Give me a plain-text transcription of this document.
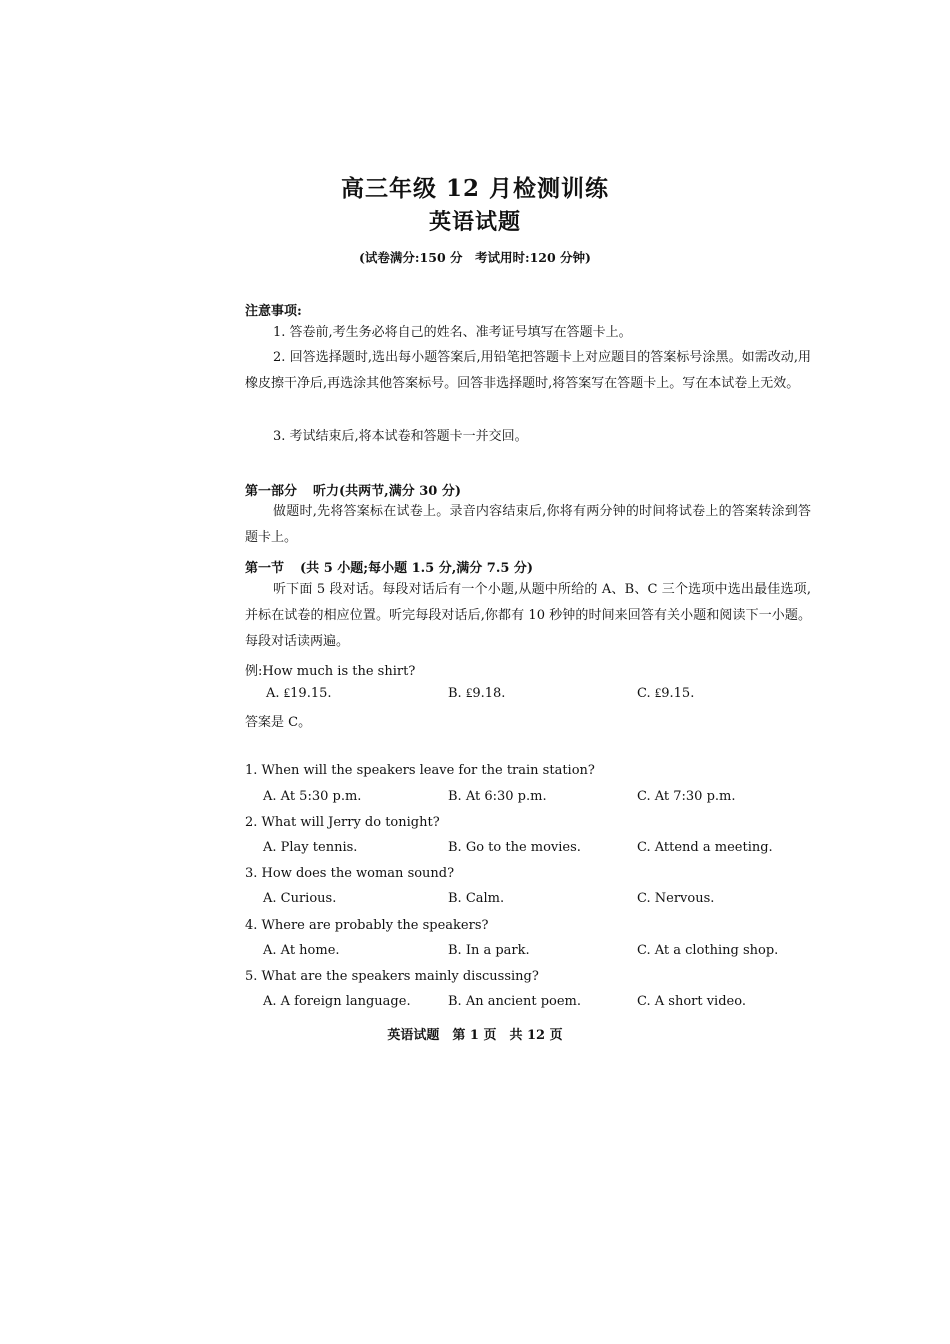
高三年级 12 月检测训练
英语试题
(试卷满分:150 分　考试用时:120 分钟)
注意事项:
1. 答卷前,考生务必将自己的姓名、准考证号填写在答题卡上。
2. 回答选择题时,选出每小题答案后,用铅笔把答题卡上对应题目的答案标号涂黑。如需改动,用橡皮擦干净后,再选涂其他答案标号。回答非选择题时,将答案写在答题卡上。写在本试卷上无效。
3. 考试结束后,将本试卷和答题卡一并交回。
第一部分 听力(共两节,满分 30 分)
做题时,先将答案标在试卷上。录音内容结束后,你将有两分钟的时间将试卷上的答案转涂到答题卡上。
第一节 (共 5 小题;每小题 1.5 分,满分 7.5 分)
听下面 5 段对话。每段对话后有一个小题,从题中所给的 A、B、C 三个选项中选出最佳选项,并标在试卷的相应位置。听完每段对话后,你都有 10 秒钟的时间来回答有关小题和阅读下一小题。每段对话读两遍。
例:How much is the shirt?
A. ₤19.15.	B. ₤9.18.	C. ₤9.15.
答案是 C。
1. When will the speakers leave for the train station?
A. At 5:30 p.m.	B. At 6:30 p.m.	C. At 7:30 p.m.
2. What will Jerry do tonight?
A. Play tennis.	B. Go to the movies.	C. Attend a meeting.
3. How does the woman sound?
A. Curious.	B. Calm.	C. Nervous.
4. Where are probably the speakers?
A. At home.	B. In a park.	C. At a clothing shop.
5. What are the speakers mainly discussing?
A. A foreign language.	B. An ancient poem.	C. A short video.
英语试题　第 1 页　共 12 页
